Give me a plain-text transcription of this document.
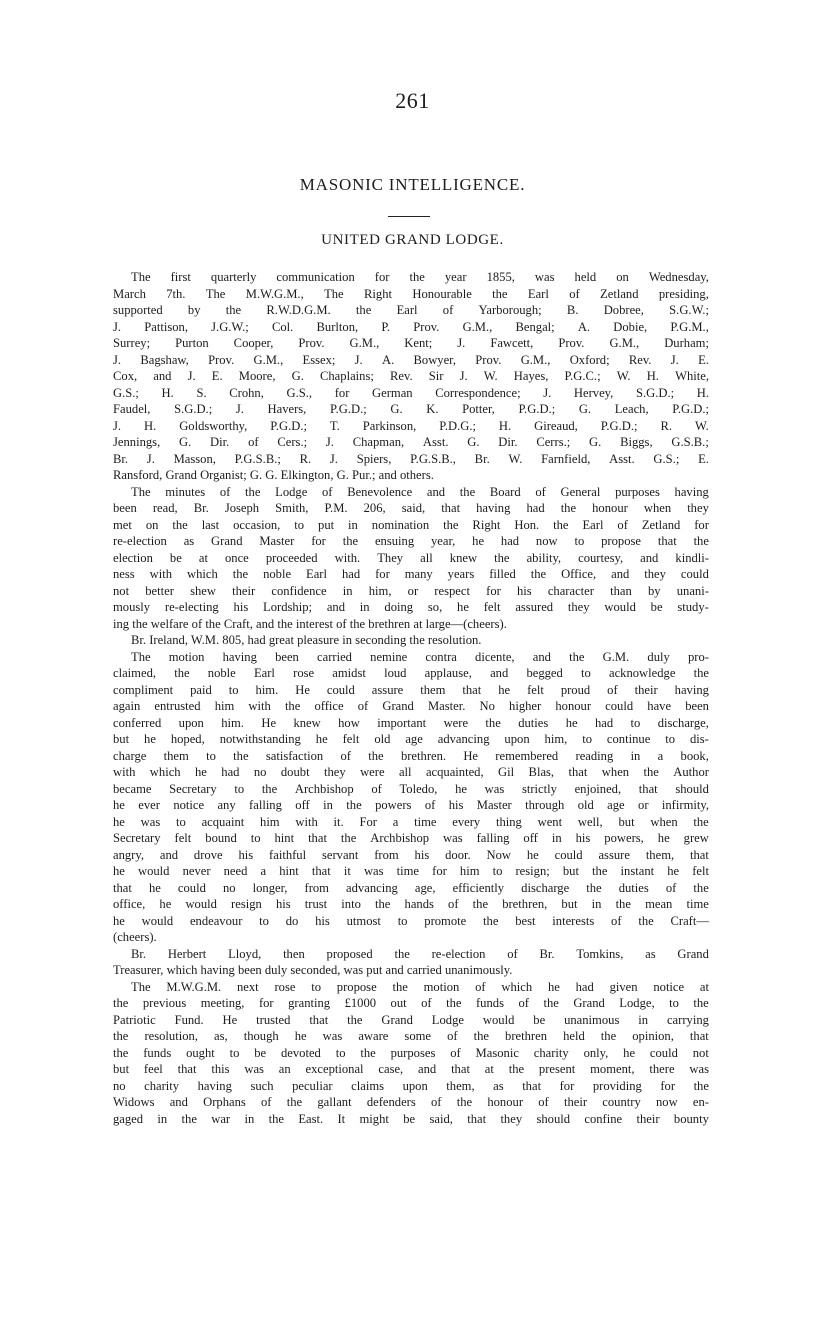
261
MASONIC INTELLIGENCE.
UNITED GRAND LODGE.
The first quarterly communication for the year 1855, was held on Wednesday,
March 7th. The M.W.G.M., The Right Honourable the Earl of Zetland presiding,
supported by the R.W.D.G.M. the Earl of Yarborough; B. Dobree, S.G.W.;
J. Pattison, J.G.W.; Col. Burlton, P. Prov. G.M., Bengal; A. Dobie, P.G.M.,
Surrey; Purton Cooper, Prov. G.M., Kent; J. Fawcett, Prov. G.M., Durham;
J. Bagshaw, Prov. G.M., Essex; J. A. Bowyer, Prov. G.M., Oxford; Rev. J. E.
Cox, and J. E. Moore, G. Chaplains; Rev. Sir J. W. Hayes, P.G.C.; W. H. White,
G.S.; H. S. Crohn, G.S., for German Correspondence; J. Hervey, S.G.D.; H.
Faudel, S.G.D.; J. Havers, P.G.D.; G. K. Potter, P.G.D.; G. Leach, P.G.D.;
J. H. Goldsworthy, P.G.D.; T. Parkinson, P.D.G.; H. Gireaud, P.G.D.; R. W.
Jennings, G. Dir. of Cers.; J. Chapman, Asst. G. Dir. Cerrs.; G. Biggs, G.S.B.;
Br. J. Masson, P.G.S.B.; R. J. Spiers, P.G.S.B., Br. W. Farnfield, Asst. G.S.; E.
Ransford, Grand Organist; G. G. Elkington, G. Pur.; and others.
The minutes of the Lodge of Benevolence and the Board of General purposes having
been read, Br. Joseph Smith, P.M. 206, said, that having had the honour when they
met on the last occasion, to put in nomination the Right Hon. the Earl of Zetland for
re-election as Grand Master for the ensuing year, he had now to propose that the
election be at once proceeded with. They all knew the ability, courtesy, and kindli-
ness with which the noble Earl had for many years filled the Office, and they could
not better shew their confidence in him, or respect for his character than by unani-
mously re-electing his Lordship; and in doing so, he felt assured they would be study-
ing the welfare of the Craft, and the interest of the brethren at large—(cheers).
Br. Ireland, W.M. 805, had great pleasure in seconding the resolution.
The motion having been carried nemine contra dicente, and the G.M. duly pro-
claimed, the noble Earl rose amidst loud applause, and begged to acknowledge the
compliment paid to him. He could assure them that he felt proud of their having
again entrusted him with the office of Grand Master. No higher honour could have been
conferred upon him. He knew how important were the duties he had to discharge,
but he hoped, notwithstanding he felt old age advancing upon him, to continue to dis-
charge them to the satisfaction of the brethren. He remembered reading in a book,
with which he had no doubt they were all acquainted, Gil Blas, that when the Author
became Secretary to the Archbishop of Toledo, he was strictly enjoined, that should
he ever notice any falling off in the powers of his Master through old age or infirmity,
he was to acquaint him with it. For a time every thing went well, but when the
Secretary felt bound to hint that the Archbishop was falling off in his powers, he grew
angry, and drove his faithful servant from his door. Now he could assure them, that
he would never need a hint that it was time for him to resign; but the instant he felt
that he could no longer, from advancing age, efficiently discharge the duties of the
office, he would resign his trust into the hands of the brethren, but in the mean time
he would endeavour to do his utmost to promote the best interests of the Craft—
(cheers).
Br. Herbert Lloyd, then proposed the re-election of Br. Tomkins, as Grand
Treasurer, which having been duly seconded, was put and carried unanimously.
The M.W.G.M. next rose to propose the motion of which he had given notice at
the previous meeting, for granting £1000 out of the funds of the Grand Lodge, to the
Patriotic Fund. He trusted that the Grand Lodge would be unanimous in carrying
the resolution, as, though he was aware some of the brethren held the opinion, that
the funds ought to be devoted to the purposes of Masonic charity only, he could not
but feel that this was an exceptional case, and that at the present moment, there was
no charity having such peculiar claims upon them, as that for providing for the
Widows and Orphans of the gallant defenders of the honour of their country now en-
gaged in the war in the East. It might be said, that they should confine their bounty
